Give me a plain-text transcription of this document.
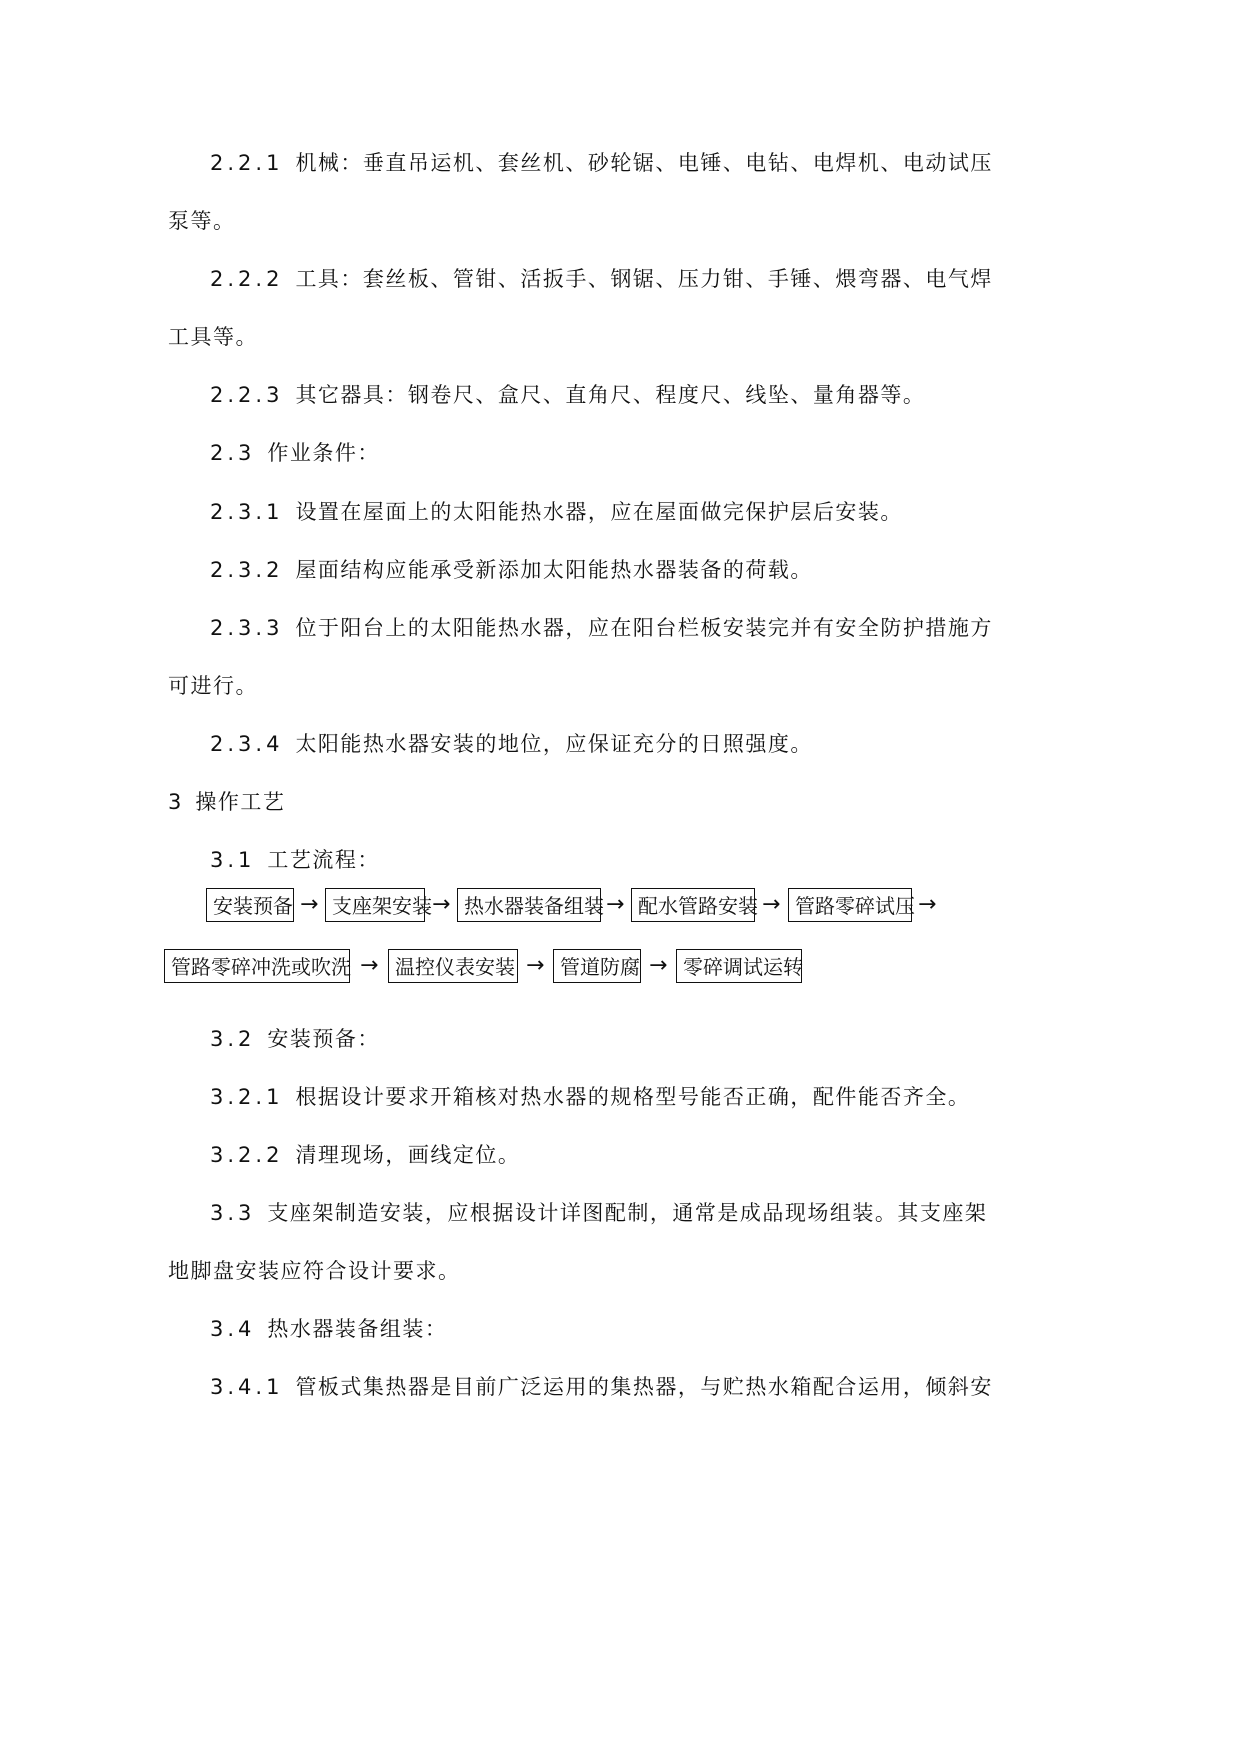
2.2.1 机械：垂直吊运机、套丝机、砂轮锯、电锤、电钻、电焊机、电动试压
泵等。
2.2.2 工具：套丝板、管钳、活扳手、钢锯、压力钳、手锤、煨弯器、电气焊
工具等。
2.2.3 其它器具：钢卷尺、盒尺、直角尺、程度尺、线坠、量角器等。
2.3 作业条件：
2.3.1 设置在屋面上的太阳能热水器，应在屋面做完保护层后安装。
2.3.2 屋面结构应能承受新添加太阳能热水器装备的荷载。
2.3.3 位于阳台上的太阳能热水器，应在阳台栏板安装完并有安全防护措施方
可进行。
2.3.4 太阳能热水器安装的地位，应保证充分的日照强度。
3 操作工艺
3.1 工艺流程：
安装预备 → 支座架安装 → 热水器装备组装 → 配水管路安装 → 管路零碎试压 →
管路零碎冲洗或吹洗 → 温控仪表安装 → 管道防腐 → 零碎调试运转
3.2 安装预备：
3.2.1 根据设计要求开箱核对热水器的规格型号能否正确，配件能否齐全。
3.2.2 清理现场，画线定位。
3.3 支座架制造安装，应根据设计详图配制，通常是成品现场组装。其支座架
地脚盘安装应符合设计要求。
3.4 热水器装备组装：
3.4.1 管板式集热器是目前广泛运用的集热器，与贮热水箱配合运用，倾斜安
